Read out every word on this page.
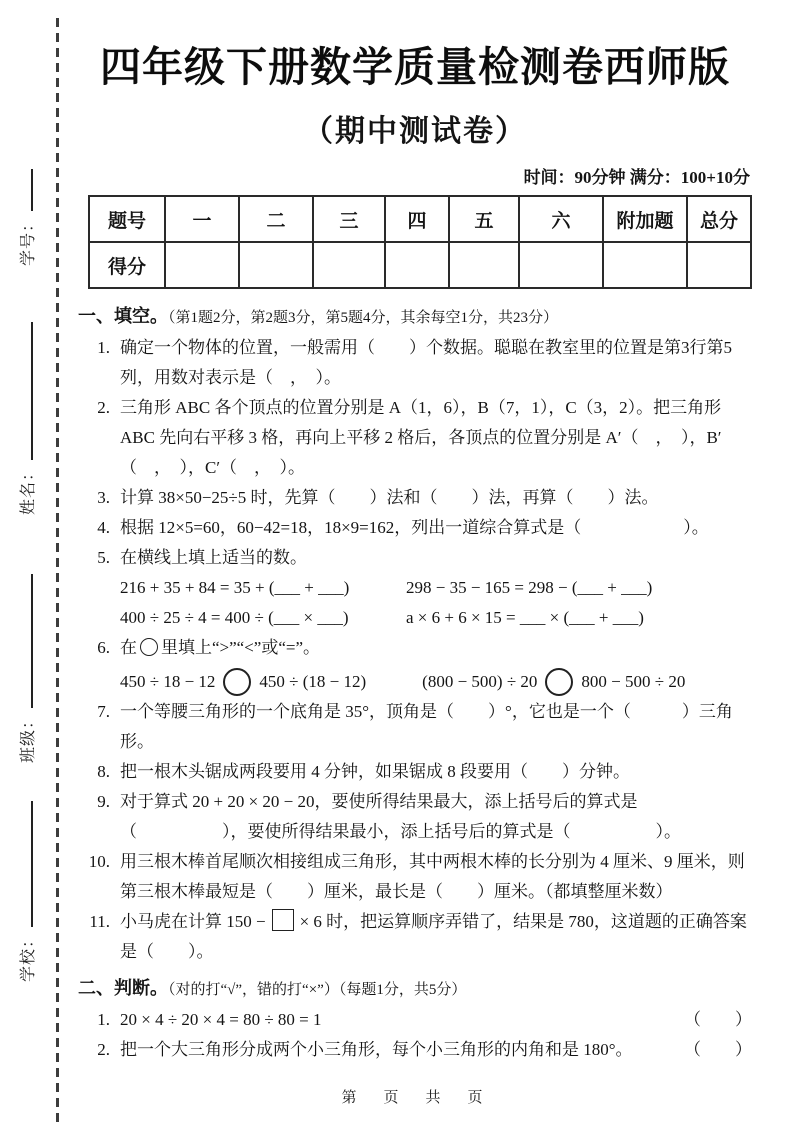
学号：
姓名：
班级：
学校：
四年级下册数学质量检测卷西师版
（期中测试卷）
时间：90分钟 满分：100+10分
题号	一	二	三	四	五	六	附加题	总分
得分								
一、填空。（第1题2分，第2题3分，第5题4分，其余每空1分，共23分）
1. 确定一个物体的位置，一般需用（　　）个数据。聪聪在教室里的位置是第3行第5列，用数对表示是（　，　）。
2. 三角形 ABC 各个顶点的位置分别是 A（1，6），B（7，1），C（3，2）。把三角形 ABC 先向右平移 3 格，再向上平移 2 格后，各顶点的位置分别是 A′（　，　），B′（　，　），C′（　，　）。
3. 计算 38×50−25÷5 时，先算（　　）法和（　　）法，再算（　　）法。
4. 根据 12×5=60，60−42=18，18×9=162，列出一道综合算式是（　　　　　　）。
5. 在横线上填上适当的数。
216 + 35 + 84 = 35 + (___ + ___)	298 − 35 − 165 = 298 − (___ + ___)
400 ÷ 25 ÷ 4 = 400 ÷ (___ × ___)	a × 6 + 6 × 15 = ___ × (___ + ___)
6. 在 里填上“>”“<”或“=”。
450 ÷ 18 − 12	450 ÷ (18 − 12)	(800 − 500) ÷ 20	800 − 500 ÷ 20
7. 一个等腰三角形的一个底角是 35°，顶角是（　　）°，它也是一个（　　　）三角形。
8. 把一根木头锯成两段要用 4 分钟，如果锯成 8 段要用（　　）分钟。
9. 对于算式 20 + 20 × 20 − 20，要使所得结果最大，添上括号后的算式是（　　　　　），要使所得结果最小，添上括号后的算式是（　　　　　）。
10. 用三根木棒首尾顺次相接组成三角形，其中两根木棒的长分别为 4 厘米、9 厘米，则第三根木棒最短是（　　）厘米，最长是（　　）厘米。（都填整厘米数）
11. 小马虎在计算 150 − × 6 时，把运算顺序弄错了，结果是 780，这道题的正确答案是（　　）。
二、判断。（对的打“√”，错的打“×”）（每题1分，共5分）
1. 20 × 4 ÷ 20 × 4 = 80 ÷ 80 = 1	（　　）
2. 把一个大三角形分成两个小三角形，每个小三角形的内角和是 180°。	（　　）
第　页　共　页
